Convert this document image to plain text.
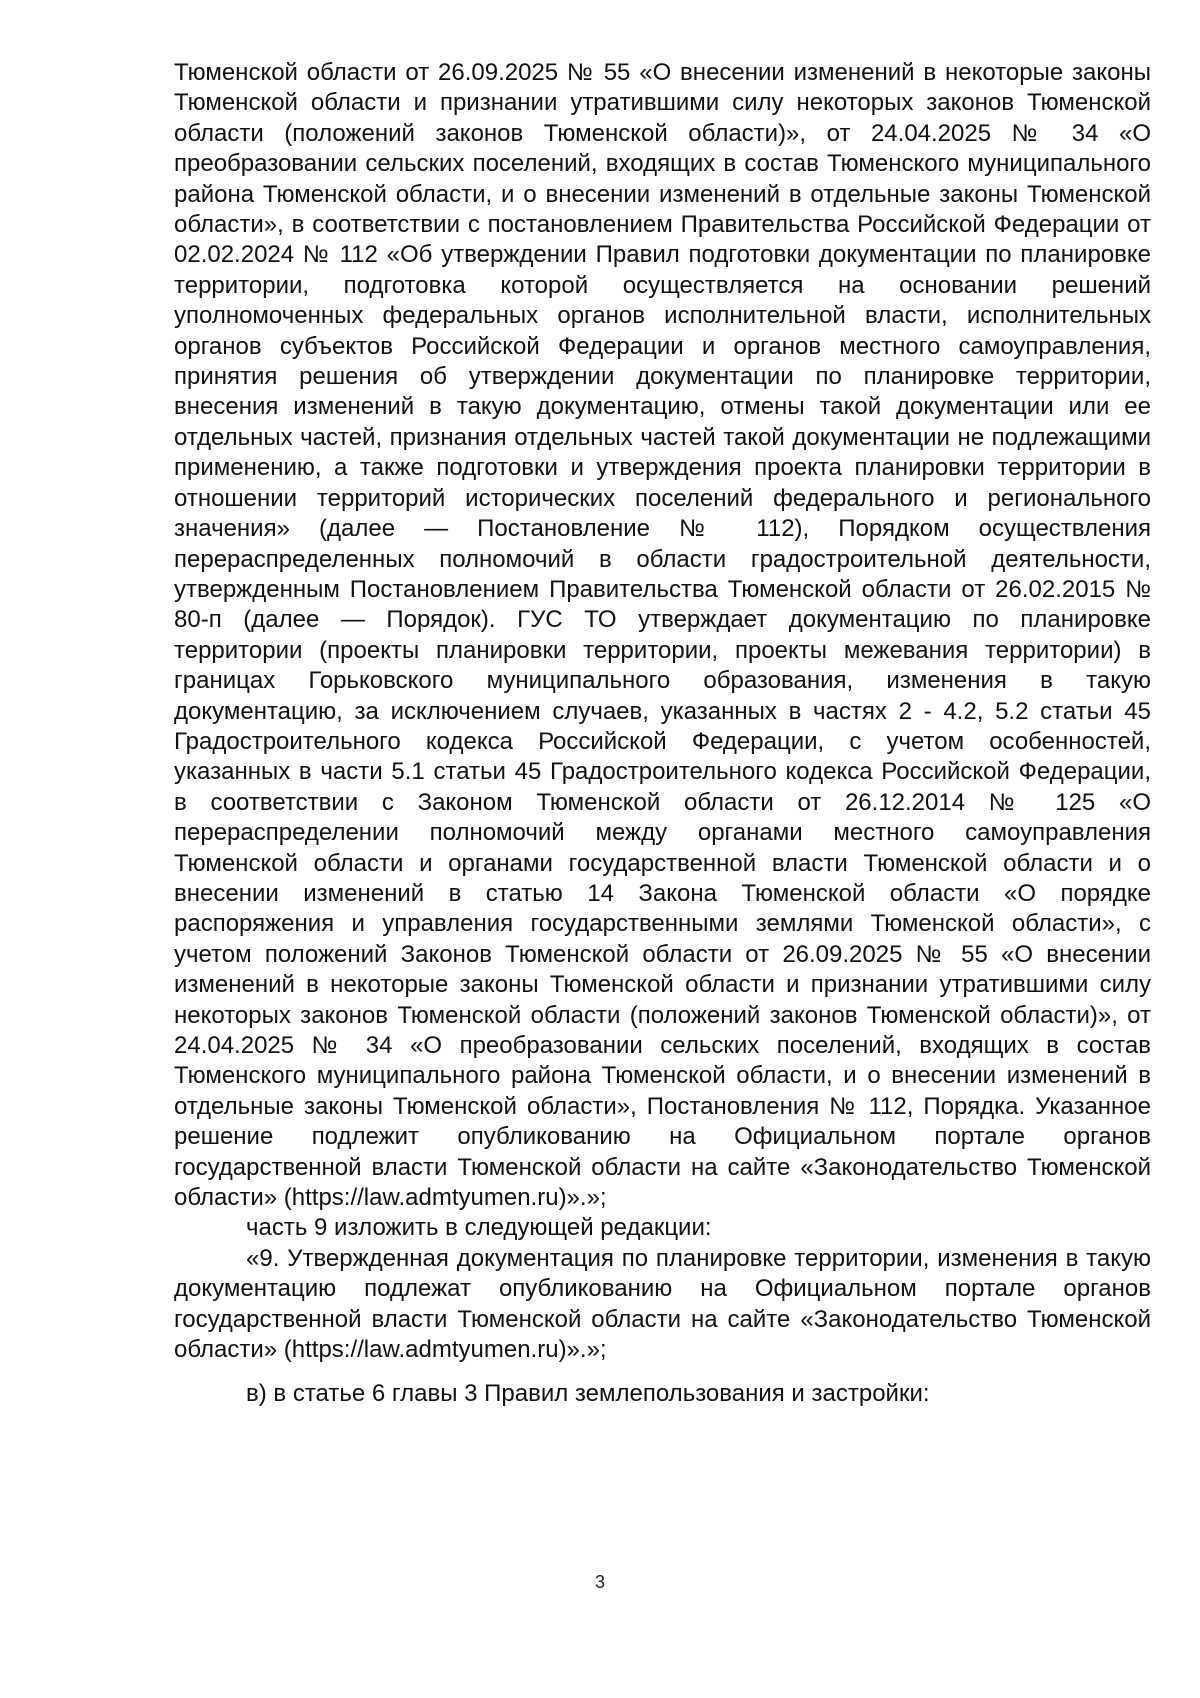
Тюменской области от 26.09.2025 № 55 «О внесении изменений в некоторые законы Тюменской области и признании утратившими силу некоторых законов Тюменской области (положений законов Тюменской области)», от 24.04.2025 № 34 «О преобразовании сельских поселений, входящих в состав Тюменского муниципального района Тюменской области, и о внесении изменений в отдельные законы Тюменской области», в соответствии с постановлением Правительства Российской Федерации от 02.02.2024 № 112 «Об утверждении Правил подготовки документации по планировке территории, подготовка которой осуществляется на основании решений уполномоченных федеральных органов исполнительной власти, исполнительных органов субъектов Российской Федерации и органов местного самоуправления, принятия решения об утверждении документации по планировке территории, внесения изменений в такую документацию, отмены такой документации или ее отдельных частей, признания отдельных частей такой документации не подлежащими применению, а также подготовки и утверждения проекта планировки территории в отношении территорий исторических поселений федерального и регионального значения» (далее — Постановление № 112), Порядком осуществления перераспределенных полномочий в области градостроительной деятельности, утвержденным Постановлением Правительства Тюменской области от 26.02.2015 № 80-п (далее — Порядок). ГУС ТО утверждает документацию по планировке территории (проекты планировки территории, проекты межевания территории) в границах Горьковского муниципального образования, изменения в такую документацию, за исключением случаев, указанных в частях 2 - 4.2, 5.2 статьи 45 Градостроительного кодекса Российской Федерации, с учетом особенностей, указанных в части 5.1 статьи 45 Градостроительного кодекса Российской Федерации, в соответствии с Законом Тюменской области от 26.12.2014 № 125 «О перераспределении полномочий между органами местного самоуправления Тюменской области и органами государственной власти Тюменской области и о внесении изменений в статью 14 Закона Тюменской области «О порядке распоряжения и управления государственными землями Тюменской области», с учетом положений Законов Тюменской области от 26.09.2025 № 55 «О внесении изменений в некоторые законы Тюменской области и признании утратившими силу некоторых законов Тюменской области (положений законов Тюменской области)», от 24.04.2025 № 34 «О преобразовании сельских поселений, входящих в состав Тюменского муниципального района Тюменской области, и о внесении изменений в отдельные законы Тюменской области», Постановления № 112, Порядка. Указанное решение подлежит опубликованию на Официальном портале органов государственной власти Тюменской области на сайте «Законодательство Тюменской области» (https://law.admtyumen.ru)».»;

часть 9 изложить в следующей редакции:

«9. Утвержденная документация по планировке территории, изменения в такую документацию подлежат опубликованию на Официальном портале органов государственной власти Тюменской области на сайте «Законодательство Тюменской области» (https://law.admtyumen.ru)».»;

в) в статье 6 главы 3 Правил землепользования и застройки:

3
